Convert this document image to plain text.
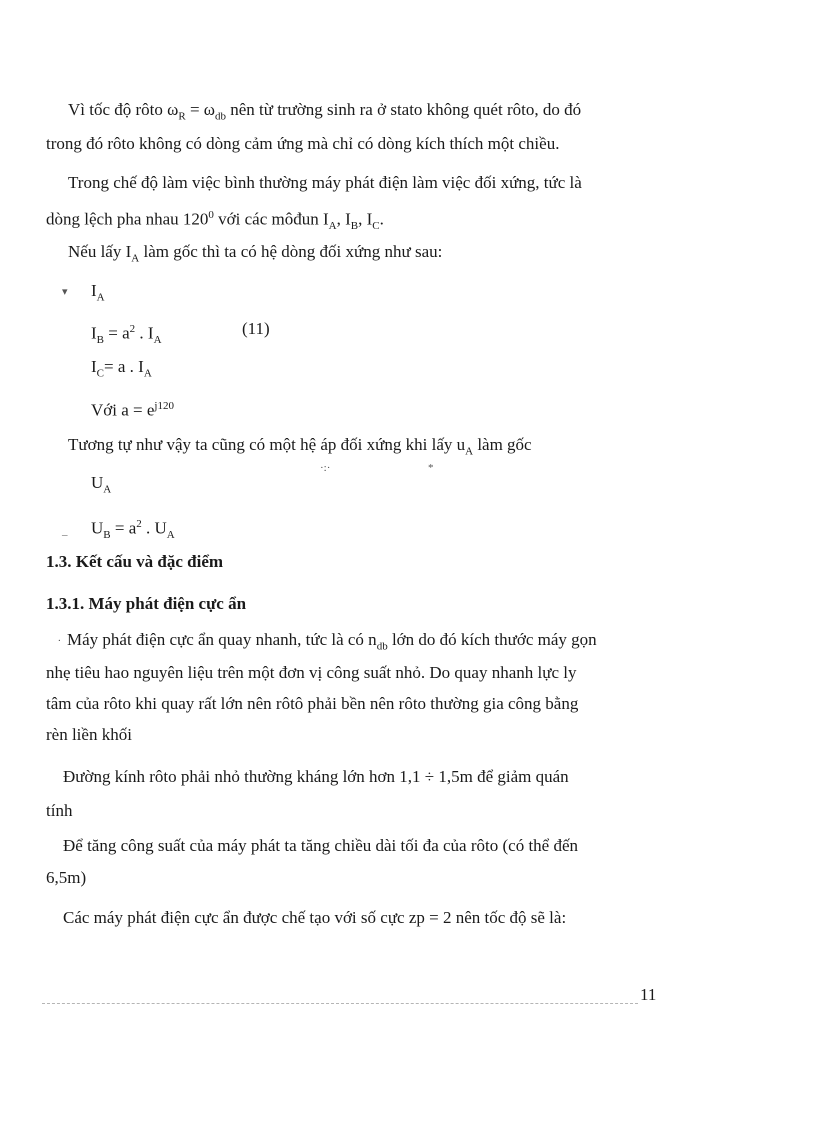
Vì tốc độ rôto $\omega_R = \omega_{db}$ nên từ trường sinh ra ở stato không quét rôto, do đó
trong đó rôto không có dòng cảm ứng mà chỉ có dòng kích thích một chiều.
Trong chế độ làm việc bình thường máy phát điện làm việc đối xứng, tức là
dòng lệch pha nhau $120^0$ với các môđun $I_A$, $I_B$, $I_C$.
Nếu lấy $I_A$ làm gốc thì ta có hệ dòng đối xứng như sau:
▾ $I_A$
$I_B = a^2$ . $I_A$
(11)
$I_C= a$ . $I_A$
Với $a = e^{j120}$
Tương tự như vậy ta cũng có một hệ áp đối xứng khi lấy $u_A$ làm gốc
·:·	*
$U_A$
_ $U_B = a^2$ . $U_A$
1.3. Kết cấu và đặc điểm
1.3.1. Máy phát điện cực ẩn
. Máy phát điện cực ẩn quay nhanh, tức là có $n_{db}$ lớn do đó kích thước máy gọn
nhẹ tiêu hao nguyên liệu trên một đơn vị công suất nhỏ. Do quay nhanh lực ly
tâm của rôto khi quay rất lớn nên rôtô phải bền nên rôto thường gia công bằng
rèn liền khối
Đường kính rôto phải nhỏ thường kháng lớn hơn 1,1 ÷ 1,5m để giảm quán
tính
Để tăng công suất của máy phát ta tăng chiều dài tối đa của rôto (có thể đến
6,5m)
Các máy phát điện cực ẩn được chế tạo với số cực zp = 2 nên tốc độ sẽ là:
11
